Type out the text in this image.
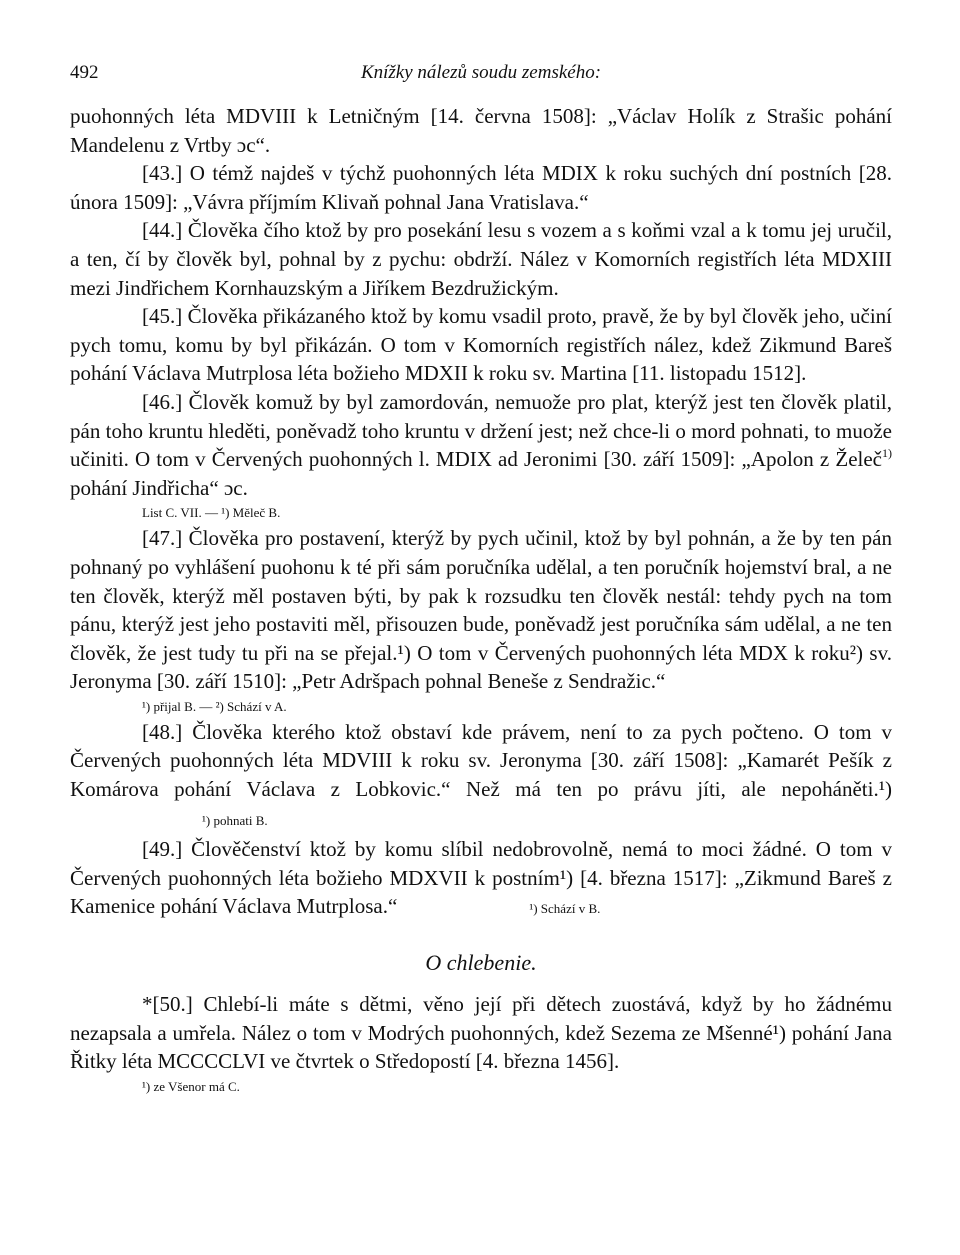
492	Knížky nálezů soudu zemského:

puohonných léta MDVIII k Letničným [14. června 1508]: „Václav Holík z Strašic pohání Mandelenu z Vrtby ɔc“.

[43.] O témž najdeš v týchž puohonných léta MDIX k roku suchých dní postních [28. února 1509]: „Vávra příjmím Klivaň pohnal Jana Vratislava.“

[44.] Člověka čího ktož by pro posekání lesu s vozem a s koňmi vzal a k tomu jej uručil, a ten, čí by člověk byl, pohnal by z pychu: obdrží. Nález v Komorních registřích léta MDXIII mezi Jindřichem Kornhauzským a Jiříkem Bezdružickým.

[45.] Člověka přikázaného ktož by komu vsadil proto, pravě, že by byl člověk jeho, učiní pych tomu, komu by byl přikázán. O tom v Komorních registřích nález, kdež Zikmund Bareš pohání Václava Mutrplosa léta božieho MDXII k roku sv. Martina [11. listopadu 1512].

[46.] Člověk komuž by byl zamordován, nemuože pro plat, kterýž jest ten člověk platil, pán toho kruntu hleděti, poněvadž toho kruntu v držení jest; než chce-li o mord pohnati, to muože učiniti. O tom v Červených puohonných l. MDIX ad Jeronimi [30. září 1509]: „Apolon z Želeč$^{1)}$ pohání Jindřicha“ ɔc.

List C. VII. — ¹) Měleč B.

[47.] Člověka pro postavení, kterýž by pych učinil, ktož by byl pohnán, a že by ten pán pohnaný po vyhlášení puohonu k té při sám poručníka udělal, a ten poručník hojemství bral, a ne ten člověk, kterýž měl postaven býti, by pak k rozsudku ten člověk nestál: tehdy pych na tom pánu, kterýž jest jeho postaviti měl, přisouzen bude, poněvadž jest poručníka sám udělal, a ne ten člověk, že jest tudy tu při na se přejal.¹) O tom v Červených puohonných léta MDX k roku²) sv. Jeronyma [30. září 1510]: „Petr Adršpach pohnal Beneše z Sendražic.“

¹) přijal B. — ²) Schází v A.

[48.] Člověka kterého ktož obstaví kde právem, není to za pych počteno. O tom v Červených puohonných léta MDVIII k roku sv. Jeronyma [30. září 1508]: „Kamarét Pešík z Komárova pohání Václava z Lobkovic.“ Než má ten po právu jíti, ale nepoháněti.¹)¹) pohnati B.

[49.] Člověčenství ktož by komu slíbil nedobrovolně, nemá to moci žádné. O tom v Červených puohonných léta božieho MDXVII k postním¹) [4. března 1517]: „Zikmund Bareš z Kamenice pohání Václava Mutrplosa.“	¹) Schází v B.

O chlebenie.

*[50.] Chlebí-li máte s dětmi, věno její při dětech zuostává, když by ho žádnému nezapsala a umřela. Nález o tom v Modrých puohonných, kdež Sezema ze Mšenné¹) pohání Jana Řitky léta MCCCCLVI ve čtvrtek o Středopostí [4. března 1456].

¹) ze Všenor má C.
